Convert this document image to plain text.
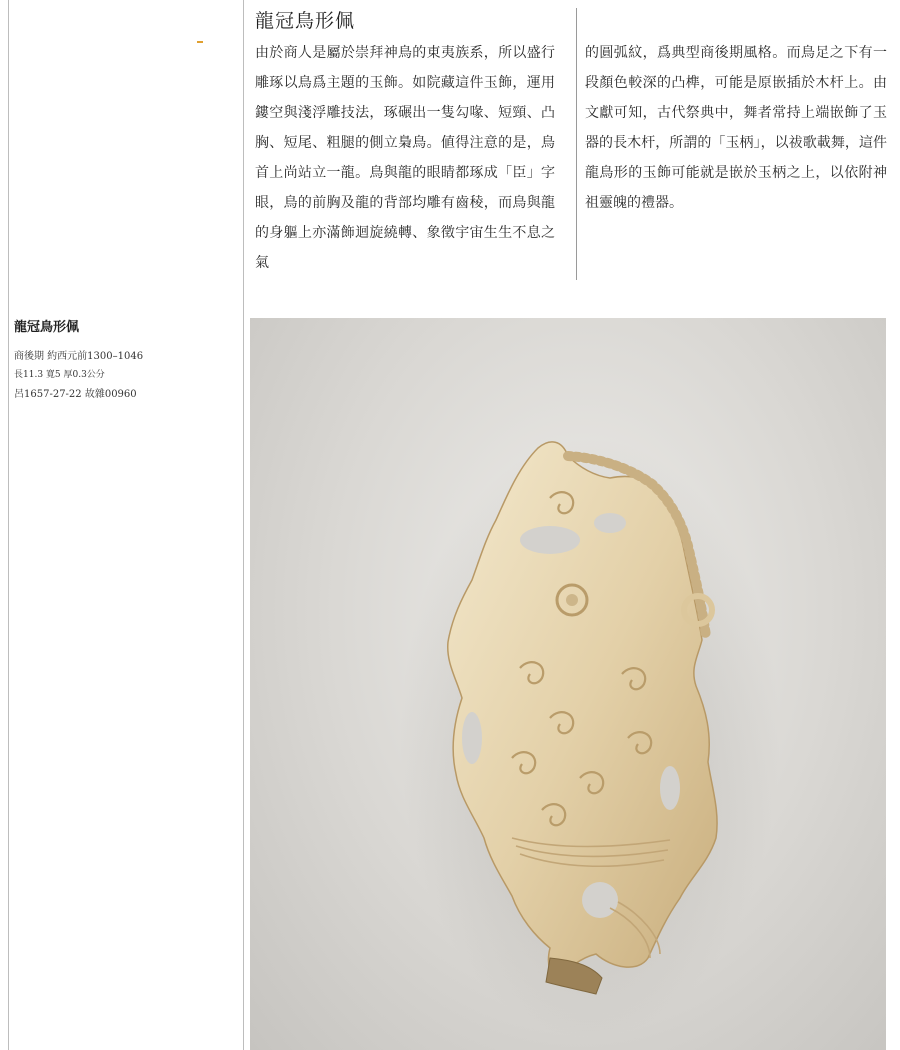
龍冠鳥形佩

由於商人是屬於崇拜神鳥的東夷族系，所以盛行雕琢以鳥爲主題的玉飾。如院藏這件玉飾，運用鏤空與淺浮雕技法，琢碾出一隻勾喙、短頸、凸胸、短尾、粗腿的側立梟鳥。値得注意的是，鳥首上尚站立一龍。鳥與龍的眼睛都琢成「臣」字眼，鳥的前胸及龍的背部均雕有齒稜，而鳥與龍的身軀上亦滿飾迴旋繞轉、象徵宇宙生生不息之氣

的圓弧紋，爲典型商後期風格。而鳥足之下有一段顏色較深的凸榫，可能是原嵌插於木杆上。由文獻可知，古代祭典中，舞者常持上端嵌飾了玉器的長木杆，所謂的「玉柄」，以祓歌載舞，這件龍鳥形的玉飾可能就是嵌於玉柄之上，以依附神祖靈魄的禮器。

龍冠鳥形佩

商後期 約西元前1300–1046

長11.3 寬5 厚0.3公分

呂1657-27-22 故雜00960
